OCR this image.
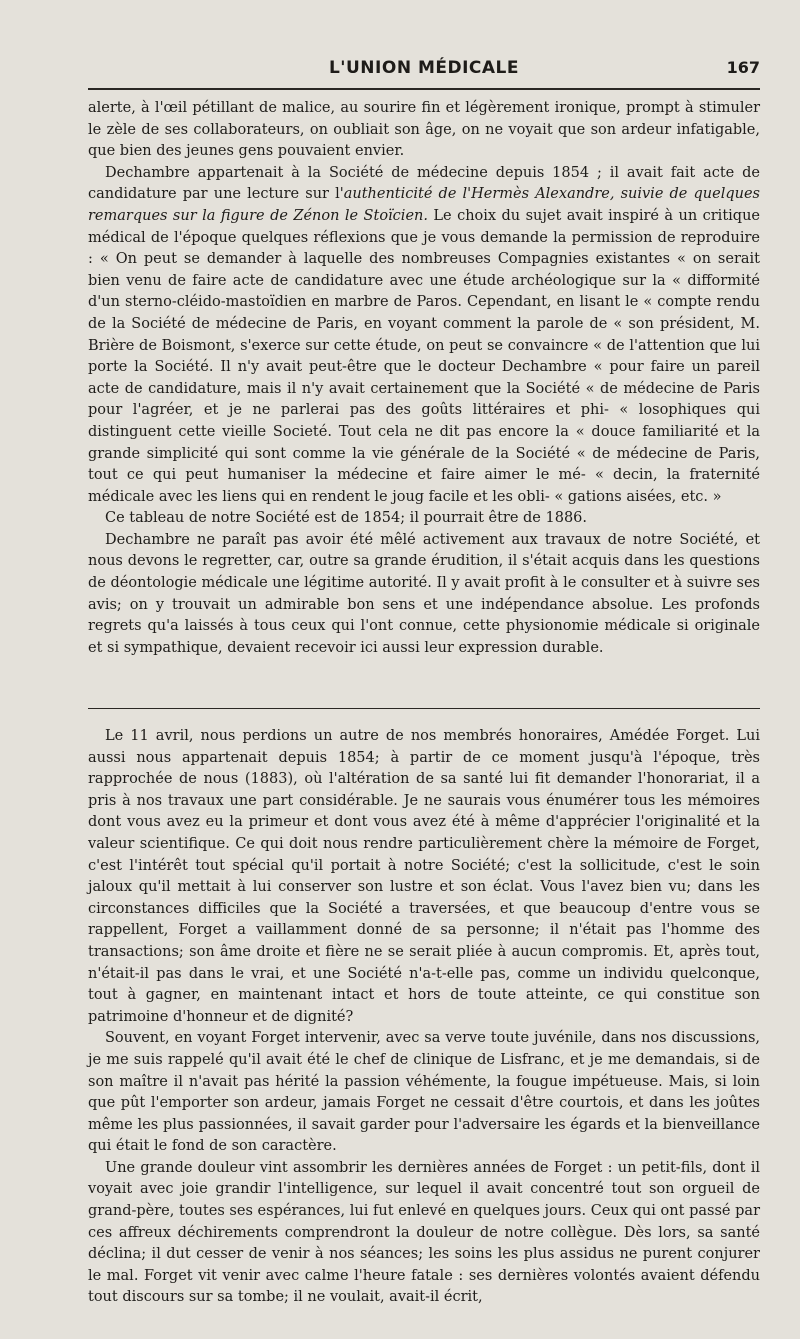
L'UNION MÉDICALE	167

alerte, à l'œil pétillant de malice, au sourire fin et légèrement ironique, prompt à stimuler le zèle de ses collaborateurs, on oubliait son âge, on ne voyait que son ardeur infatigable, que bien des jeunes gens pouvaient envier.

Dechambre appartenait à la Société de médecine depuis 1854 ; il avait fait acte de candidature par une lecture sur l'authenticité de l'Hermès Alexandre, suivie de quelques remarques sur la figure de Zénon le Stoïcien. Le choix du sujet avait inspiré à un critique médical de l'époque quelques réflexions que je vous demande la permission de reproduire : « On peut se demander à laquelle des nombreuses Compagnies existantes « on serait bien venu de faire acte de candidature avec une étude archéologique sur la « difformité d'un sterno-cléido-mastoïdien en marbre de Paros. Cependant, en lisant le « compte rendu de la Société de médecine de Paris, en voyant comment la parole de « son président, M. Brière de Boismont, s'exerce sur cette étude, on peut se convaincre « de l'attention que lui porte la Société. Il n'y avait peut-être que le docteur Dechambre « pour faire un pareil acte de candidature, mais il n'y avait certainement que la Société « de médecine de Paris pour l'agréer, et je ne parlerai pas des goûts littéraires et phi- « losophiques qui distinguent cette vieille Societé. Tout cela ne dit pas encore la « douce familiarité et la grande simplicité qui sont comme la vie générale de la Société « de médecine de Paris, tout ce qui peut humaniser la médecine et faire aimer le mé- « decin, la fraternité médicale avec les liens qui en rendent le joug facile et les obli- « gations aisées, etc. »

Ce tableau de notre Société est de 1854; il pourrait être de 1886.

Dechambre ne paraît pas avoir été mêlé activement aux travaux de notre Société, et nous devons le regretter, car, outre sa grande érudition, il s'était acquis dans les questions de déontologie médicale une légitime autorité. Il y avait profit à le consulter et à suivre ses avis; on y trouvait un admirable bon sens et une indépendance absolue. Les profonds regrets qu'a laissés à tous ceux qui l'ont connue, cette physionomie médicale si originale et si sympathique, devaient recevoir ici aussi leur expression durable.

Le 11 avril, nous perdions un autre de nos membrés honoraires, Amédée Forget. Lui aussi nous appartenait depuis 1854; à partir de ce moment jusqu'à l'époque, très rapprochée de nous (1883), où l'altération de sa santé lui fit demander l'honorariat, il a pris à nos travaux une part considérable. Je ne saurais vous énumérer tous les mémoires dont vous avez eu la primeur et dont vous avez été à même d'apprécier l'originalité et la valeur scientifique. Ce qui doit nous rendre particulièrement chère la mémoire de Forget, c'est l'intérêt tout spécial qu'il portait à notre Société; c'est la sollicitude, c'est le soin jaloux qu'il mettait à lui conserver son lustre et son éclat. Vous l'avez bien vu; dans les circonstances difficiles que la Société a traversées, et que beaucoup d'entre vous se rappellent, Forget a vaillamment donné de sa personne; il n'était pas l'homme des transactions; son âme droite et fière ne se serait pliée à aucun compromis. Et, après tout, n'était-il pas dans le vrai, et une Société n'a-t-elle pas, comme un individu quelconque, tout à gagner, en maintenant intact et hors de toute atteinte, ce qui constitue son patrimoine d'honneur et de dignité?

Souvent, en voyant Forget intervenir, avec sa verve toute juvénile, dans nos discussions, je me suis rappelé qu'il avait été le chef de clinique de Lisfranc, et je me demandais, si de son maître il n'avait pas hérité la passion véhémente, la fougue impétueuse. Mais, si loin que pût l'emporter son ardeur, jamais Forget ne cessait d'être courtois, et dans les joûtes même les plus passionnées, il savait garder pour l'adversaire les égards et la bienveillance qui était le fond de son caractère.

Une grande douleur vint assombrir les dernières années de Forget : un petit-fils, dont il voyait avec joie grandir l'intelligence, sur lequel il avait concentré tout son orgueil de grand-père, toutes ses espérances, lui fut enlevé en quelques jours. Ceux qui ont passé par ces affreux déchirements comprendront la douleur de notre collègue. Dès lors, sa santé déclina; il dut cesser de venir à nos séances; les soins les plus assidus ne purent conjurer le mal. Forget vit venir avec calme l'heure fatale : ses dernières volontés avaient défendu tout discours sur sa tombe; il ne voulait, avait-il écrit,
